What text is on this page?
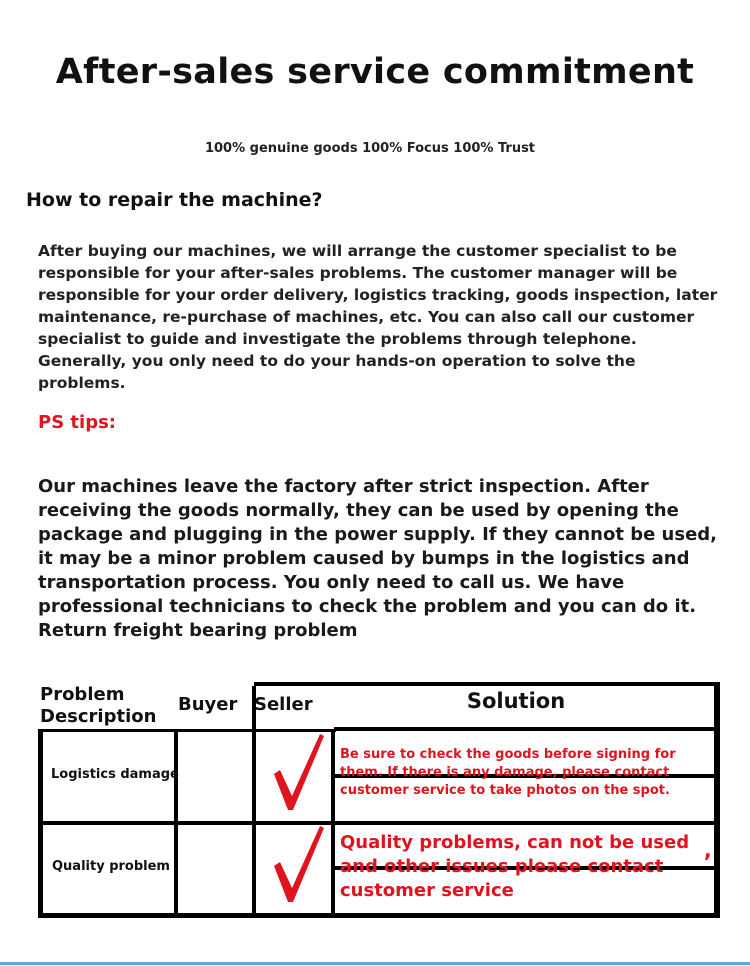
After-sales service commitment
100% genuine goods 100% Focus 100% Trust
How to repair the machine?
After buying our machines, we will arrange the customer specialist to be responsible for your after-sales problems. The customer manager will be responsible for your order delivery, logistics tracking, goods inspection, later maintenance, re-purchase of machines, etc. You can also call our customer specialist to guide and investigate the problems through telephone. Generally, you only need to do your hands-on operation to solve the problems.
PS tips:
Our machines leave the factory after strict inspection. After receiving the goods normally, they can be used by opening the package and plugging in the power supply. If they cannot be used, it may be a minor problem caused by bumps in the logistics and transportation process. You only need to call us. We have professional technicians to check the problem and you can do it. Return freight bearing problem
Problem Description
Buyer Seller	Solution
Logistics damage
Be sure to check the goods before signing for them. If there is any damage, please contact customer service to take photos on the spot.
Quality problem
Quality problems, can not be used and other issues please contact customer service
,
